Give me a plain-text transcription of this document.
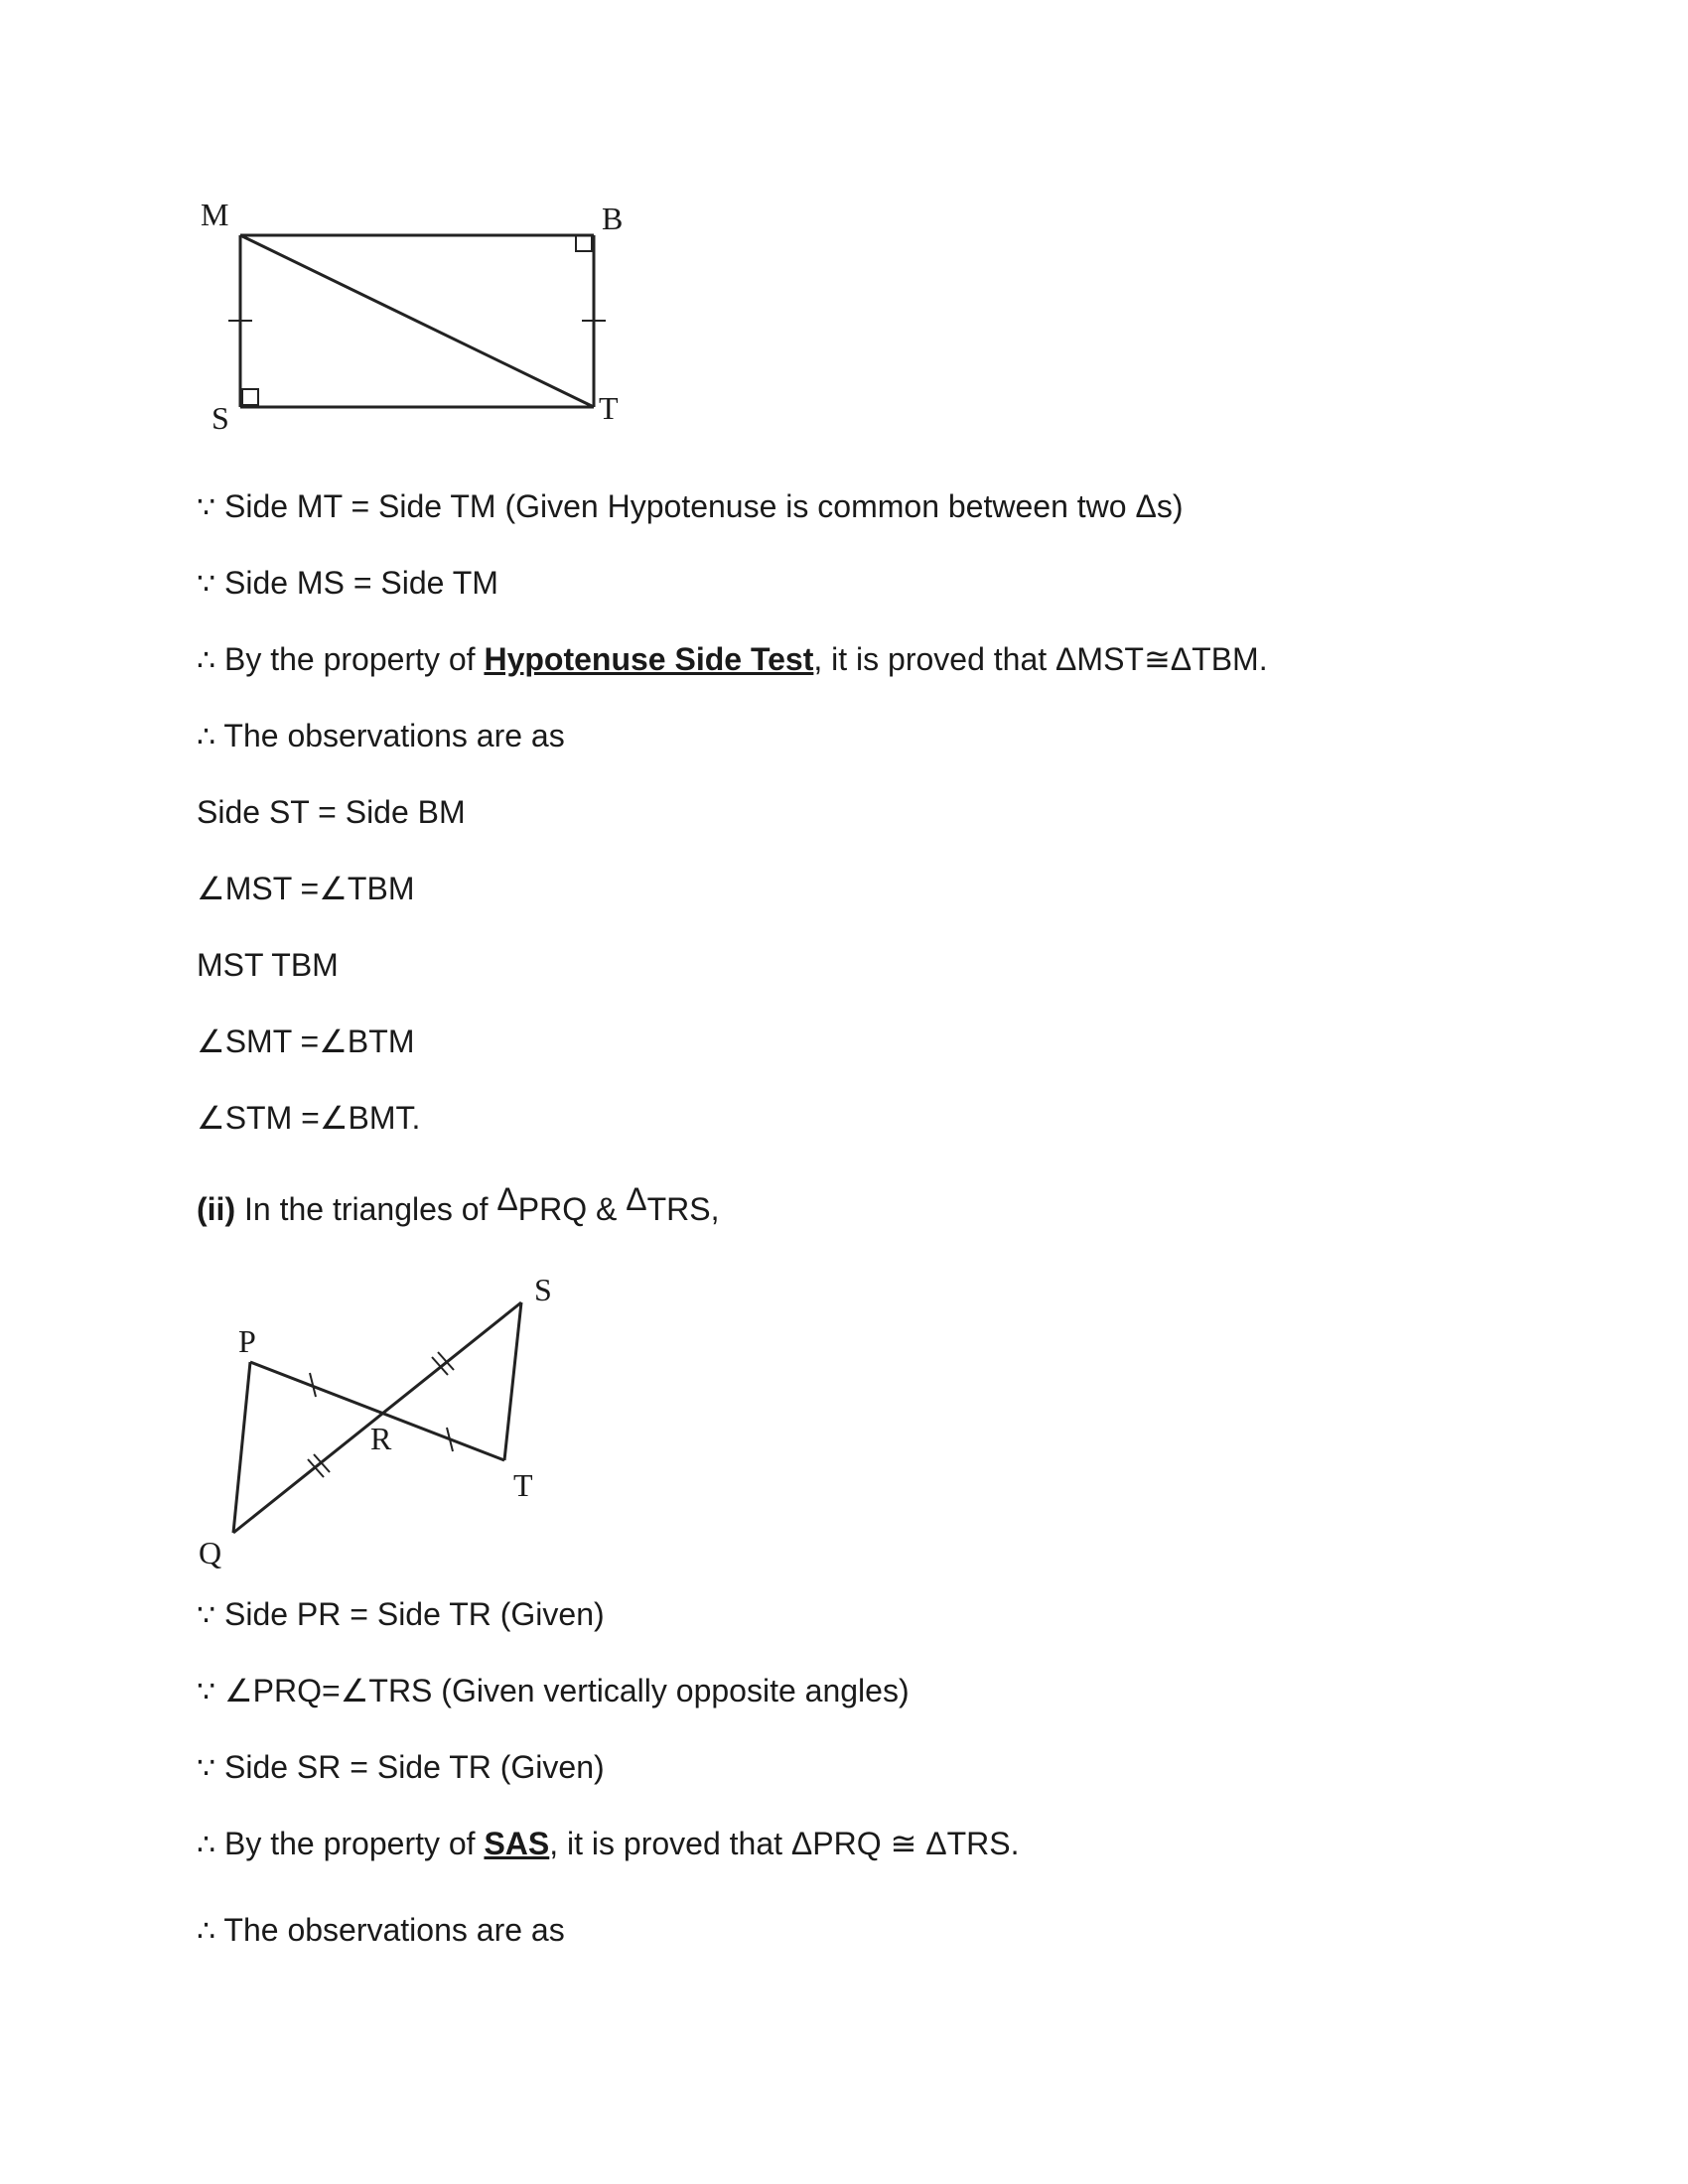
M	B
S	T
∵ Side MT = Side TM (Given Hypotenuse is common between two Δs)
∵ Side MS = Side TM
∴ By the property of Hypotenuse Side Test, it is proved that ΔMST≅ΔTBM.
∴ The observations are as
Side ST = Side BM
∠MST =∠TBM
MST TBM
∠SMT =∠BTM
∠STM =∠BMT.
(ii) In the triangles of ΔPRQ & ΔTRS,
P
Q
R
S
T
∵ Side PR = Side TR (Given)
∵ ∠PRQ=∠TRS (Given vertically opposite angles)
∵ Side SR = Side TR (Given)
∴ By the property of SAS, it is proved that ΔPRQ ≅ ΔTRS.
∴ The observations are as
